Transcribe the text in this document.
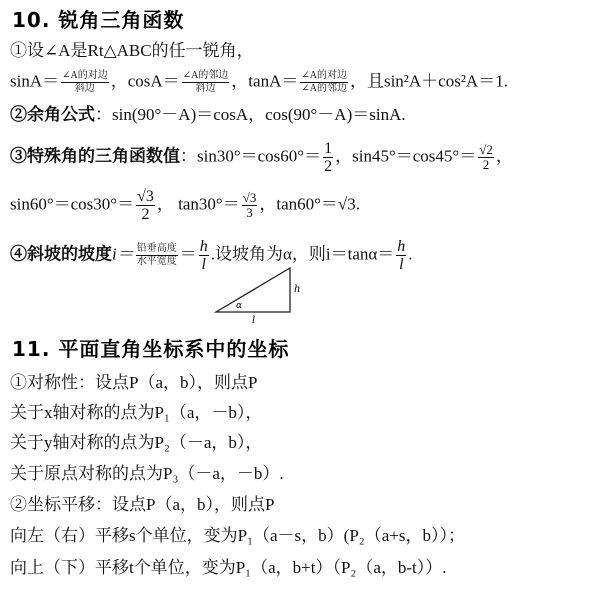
10. 锐角三角函数
①设∠A是Rt△ABC的任一锐角，
$\sin A= \frac{\text{∠A的对边}}{\text{斜边}}$ ，$\cos A= \frac{\text{∠A的邻边}}{\text{斜边}}$ ，$\tan A= \frac{\text{∠A的对边}}{\text{∠A的邻边}}$ ，且sin²A＋cos²A＝1.
②余角公式：sin(90°－A)＝cosA，cos(90°－A)＝sinA.
③特殊角的三角函数值：$\sin 30^\circ=\cos 60^\circ= \frac{1}{2}$ ，$\sin 45^\circ=\cos 45^\circ= \frac{√2}{2}$ ，
$\sin 60^\circ=\cos 30^\circ= \frac{√3}{2}$ ， $\tan 30^\circ= \frac{√3}{3}$ ，tan60°＝√3.
④斜坡的坡度$i= \frac{\text{铅垂高度}}{\text{水平宽度}} = \frac{h}{l}$ .设坡角为α，则$i=\tan\alpha= \frac{h}{l}$ .
α
h
l
11. 平面直角坐标系中的坐标
①对称性：设点P（a，b），则点P
关于x轴对称的点为P₁（a，－b），
关于y轴对称的点为P₂（－a，b），
关于原点对称的点为P₃（－a，－b）.
②坐标平移：设点P（a，b），则点P
向左（右）平移s个单位，变为P₁（a－s，b）(P₂（a+s，b））；
向上（下）平移t个单位，变为P₁（a，b+t）（P₂（a，b-t））.
